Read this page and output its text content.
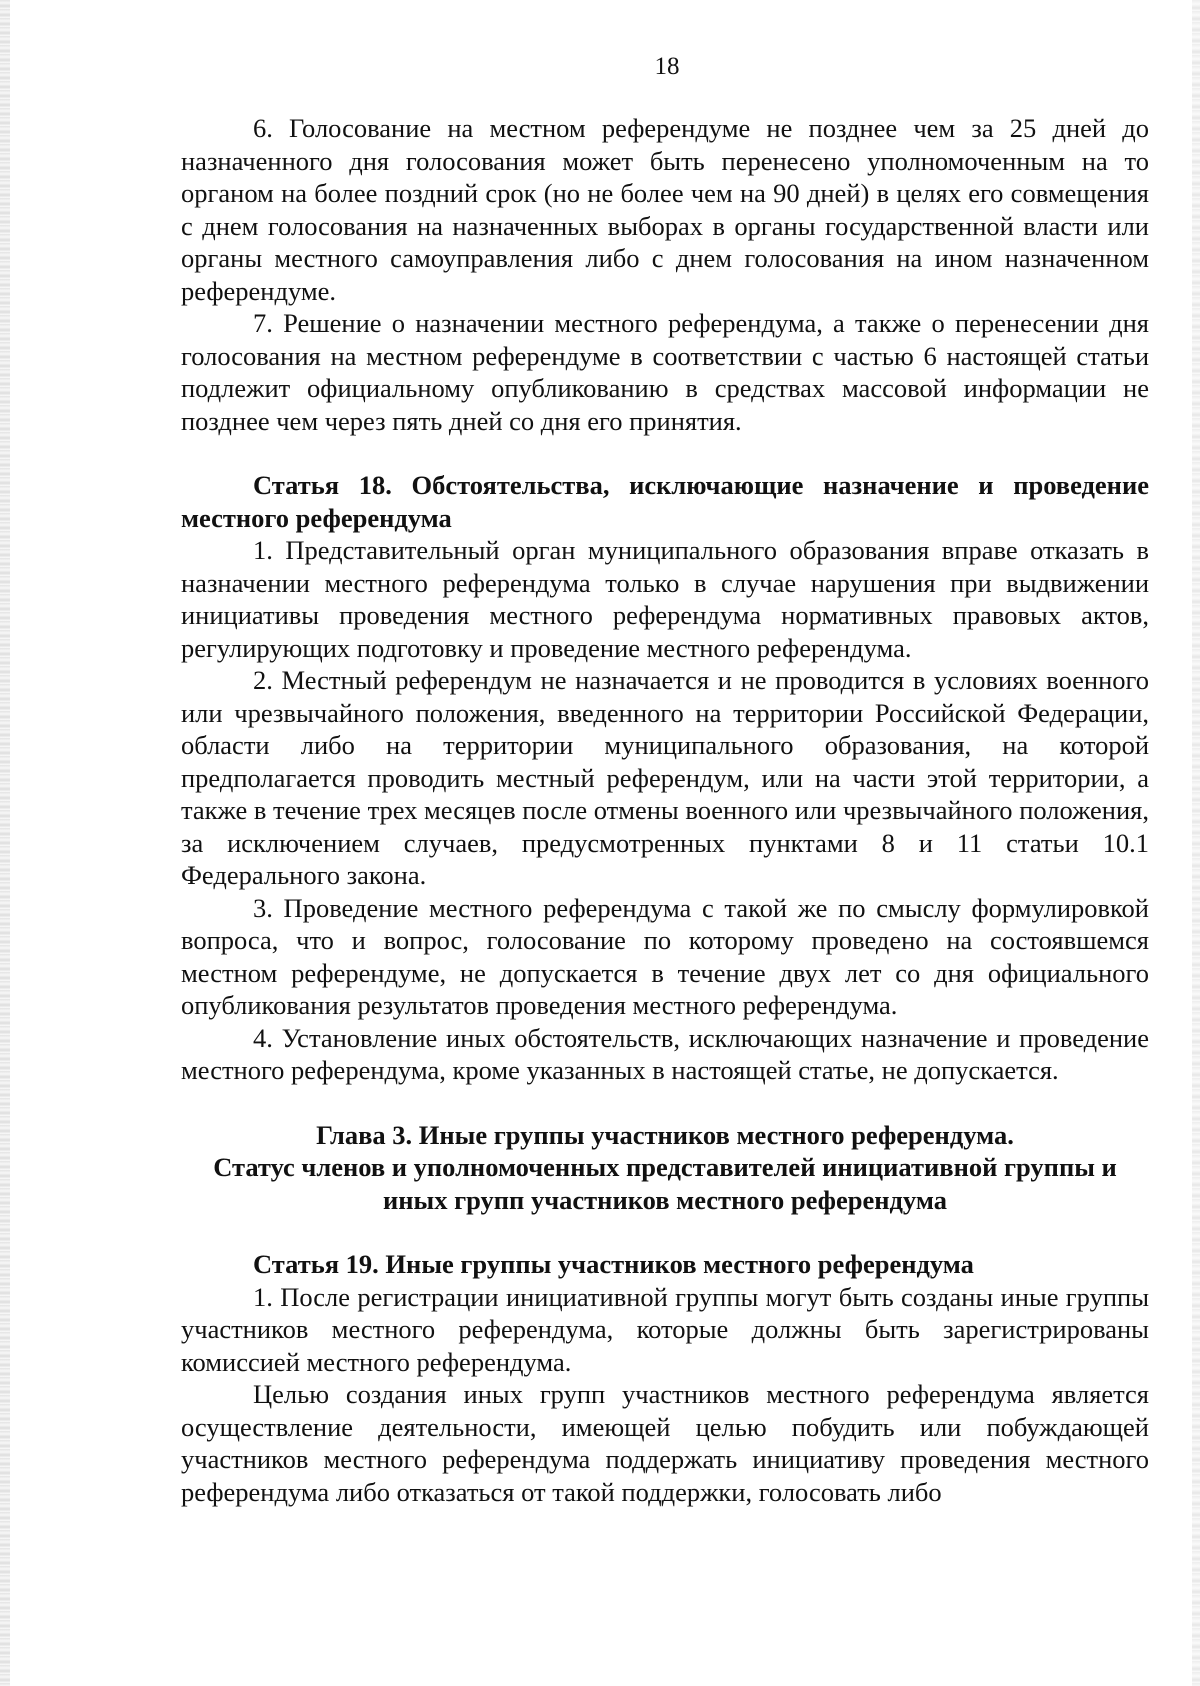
18

6. Голосование на местном референдуме не позднее чем за 25 дней до назначенного дня голосования может быть перенесено уполномоченным на то органом на более поздний срок (но не более чем на 90 дней) в целях его совмещения с днем голосования на назначенных выборах в органы государственной власти или органы местного самоуправления либо с днем голосования на ином назначенном референдуме.

7. Решение о назначении местного референдума, а также о перенесении дня голосования на местном референдуме в соответствии с частью 6 настоящей статьи подлежит официальному опубликованию в средствах массовой информации не позднее чем через пять дней со дня его принятия.

Статья 18. Обстоятельства, исключающие назначение и проведение местного референдума

1. Представительный орган муниципального образования вправе отказать в назначении местного референдума только в случае нарушения при выдвижении инициативы проведения местного референдума нормативных правовых актов, регулирующих подготовку и проведение местного референдума.

2. Местный референдум не назначается и не проводится в условиях военного или чрезвычайного положения, введенного на территории Российской Федерации, области либо на территории муниципального образования, на которой предполагается проводить местный референдум, или на части этой территории, а также в течение трех месяцев после отмены военного или чрезвычайного положения, за исключением случаев, предусмотренных пунктами 8 и 11 статьи 10.1 Федерального закона.

3. Проведение местного референдума с такой же по смыслу формулировкой вопроса, что и вопрос, голосование по которому проведено на состоявшемся местном референдуме, не допускается в течение двух лет со дня официального опубликования результатов проведения местного референдума.

4. Установление иных обстоятельств, исключающих назначение и проведение местного референдума, кроме указанных в настоящей статье, не допускается.

Глава 3. Иные группы участников местного референдума.
Статус членов и уполномоченных представителей инициативной группы и
иных групп участников местного референдума

Статья 19. Иные группы участников местного референдума

1. После регистрации инициативной группы могут быть созданы иные группы участников местного референдума, которые должны быть зарегистрированы комиссией местного референдума.

Целью создания иных групп участников местного референдума является осуществление деятельности, имеющей целью побудить или побуждающей участников местного референдума поддержать инициативу проведения местного референдума либо отказаться от такой поддержки, голосовать либо
